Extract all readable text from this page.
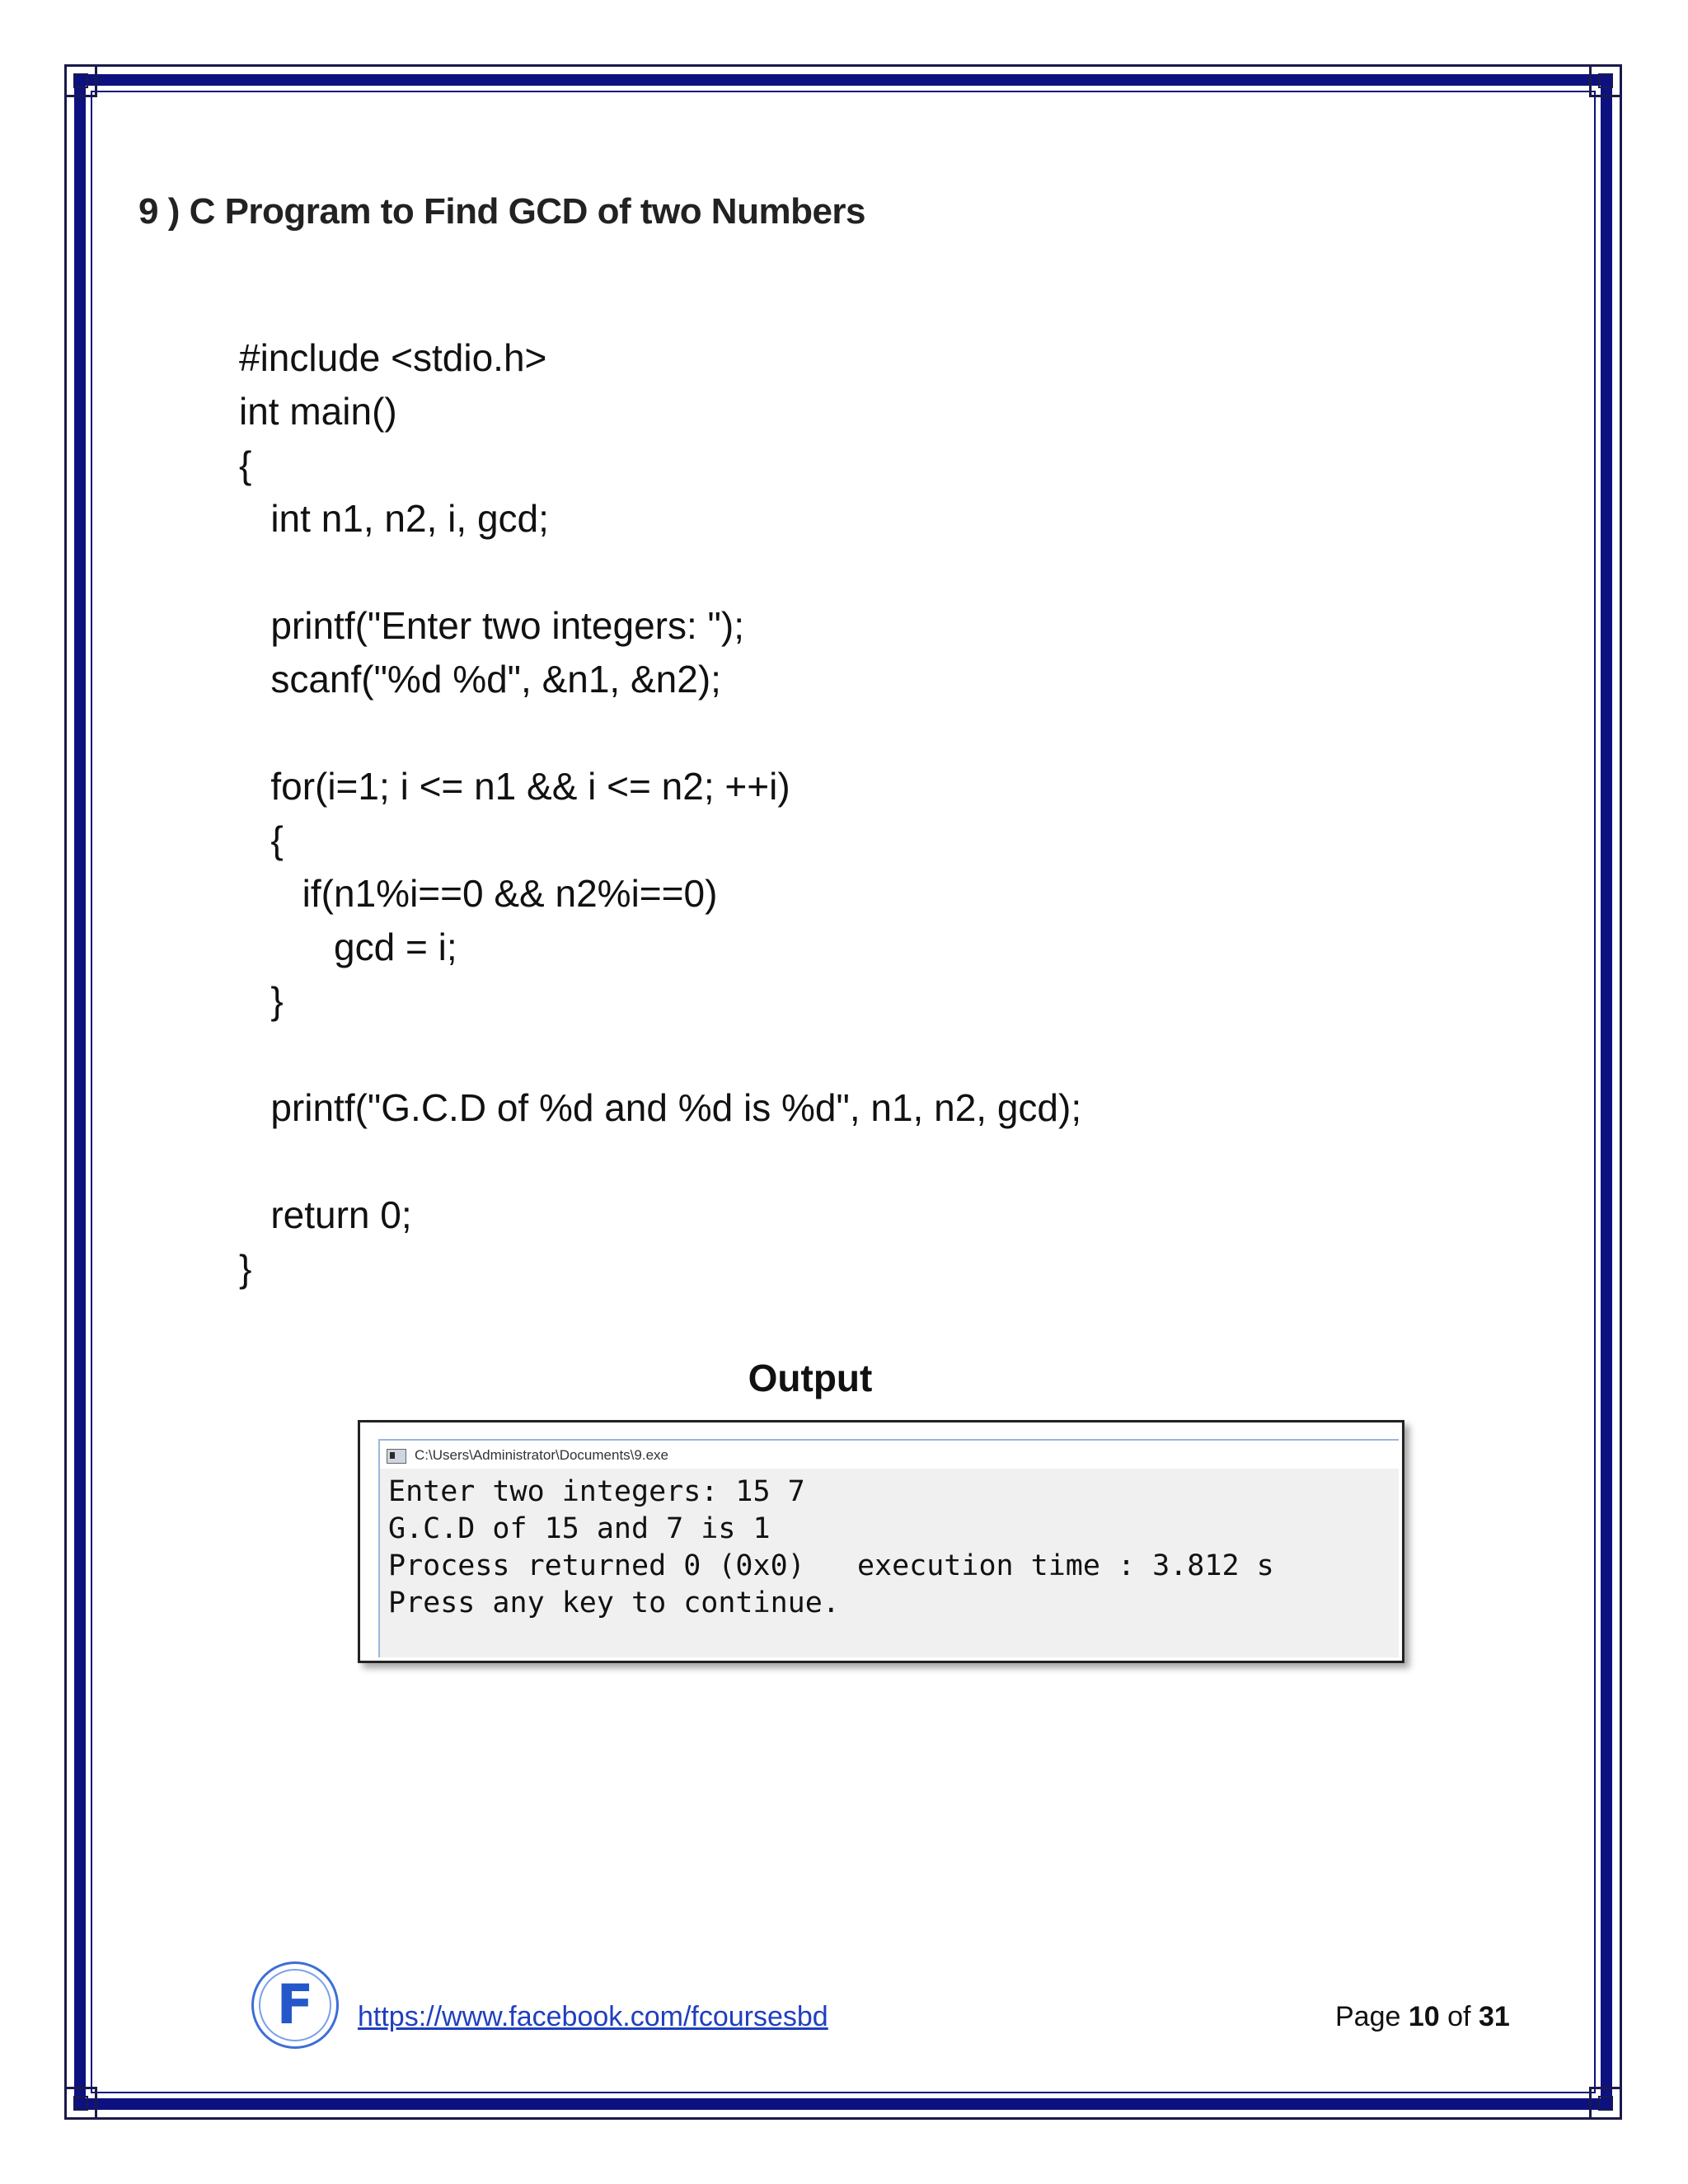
9 ) C Program to Find GCD of two Numbers
#include <stdio.h>
int main()
{
int n1, n2, i, gcd;

printf("Enter two integers: ");
scanf("%d %d", &n1, &n2);

for(i=1; i <= n1 && i <= n2; ++i)
{
if(n1%i==0 && n2%i==0)
gcd = i;
}

printf("G.C.D of %d and %d is %d", n1, n2, gcd);

return 0;
}
Output
C:\Users\Administrator\Documents\9.exe
Enter two integers: 15 7
G.C.D of 15 and 7 is 1
Process returned 0 (0x0)   execution time : 3.812 s
Press any key to continue.
F	https://www.facebook.com/fcoursesbd	Page 10 of 31
